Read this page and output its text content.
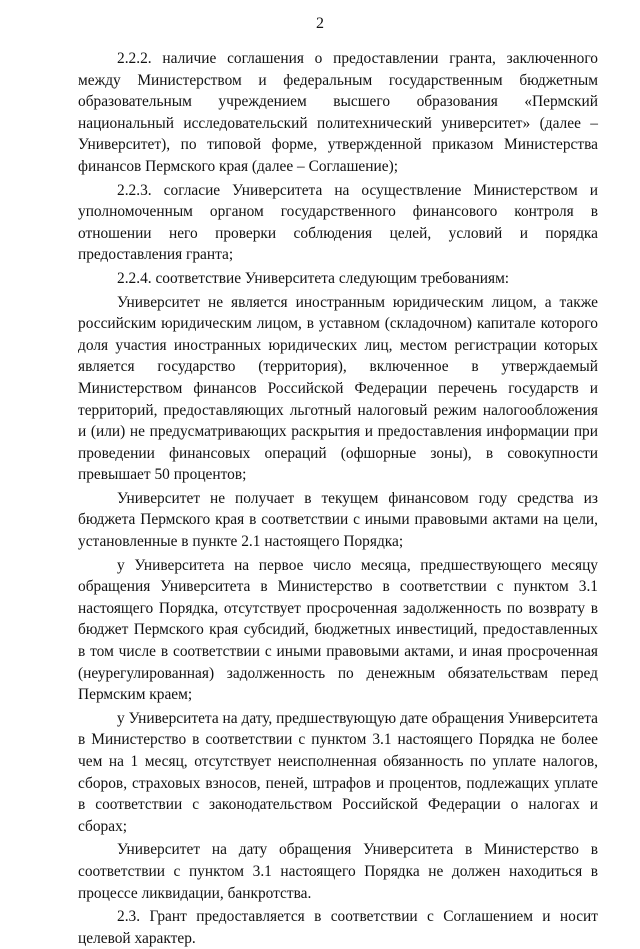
2

2.2.2. наличие соглашения о предоставлении гранта, заключенного между Министерством и федеральным государственным бюджетным образовательным учреждением высшего образования «Пермский национальный исследовательский политехнический университет» (далее – Университет), по типовой форме, утвержденной приказом Министерства финансов Пермского края (далее – Соглашение);

2.2.3. согласие Университета на осуществление Министерством и уполномоченным органом государственного финансового контроля в отношении него проверки соблюдения целей, условий и порядка предоставления гранта;

2.2.4. соответствие Университета следующим требованиям:

Университет не является иностранным юридическим лицом, а также российским юридическим лицом, в уставном (складочном) капитале которого доля участия иностранных юридических лиц, местом регистрации которых является государство (территория), включенное в утверждаемый Министерством финансов Российской Федерации перечень государств и территорий, предоставляющих льготный налоговый режим налогообложения и (или) не предусматривающих раскрытия и предоставления информации при проведении финансовых операций (офшорные зоны), в совокупности превышает 50 процентов;

Университет не получает в текущем финансовом году средства из бюджета Пермского края в соответствии с иными правовыми актами на цели, установленные в пункте 2.1 настоящего Порядка;

у Университета на первое число месяца, предшествующего месяцу обращения Университета в Министерство в соответствии с пунктом 3.1 настоящего Порядка, отсутствует просроченная задолженность по возврату в бюджет Пермского края субсидий, бюджетных инвестиций, предоставленных в том числе в соответствии с иными правовыми актами, и иная просроченная (неурегулированная) задолженность по денежным обязательствам перед Пермским краем;

у Университета на дату, предшествующую дате обращения Университета в Министерство в соответствии с пунктом 3.1 настоящего Порядка не более чем на 1 месяц, отсутствует неисполненная обязанность по уплате налогов, сборов, страховых взносов, пеней, штрафов и процентов, подлежащих уплате в соответствии с законодательством Российской Федерации о налогах и сборах;

Университет на дату обращения Университета в Министерство в соответствии с пунктом 3.1 настоящего Порядка не должен находиться в процессе ликвидации, банкротства.

2.3. Грант предоставляется в соответствии с Соглашением и носит целевой характер.
